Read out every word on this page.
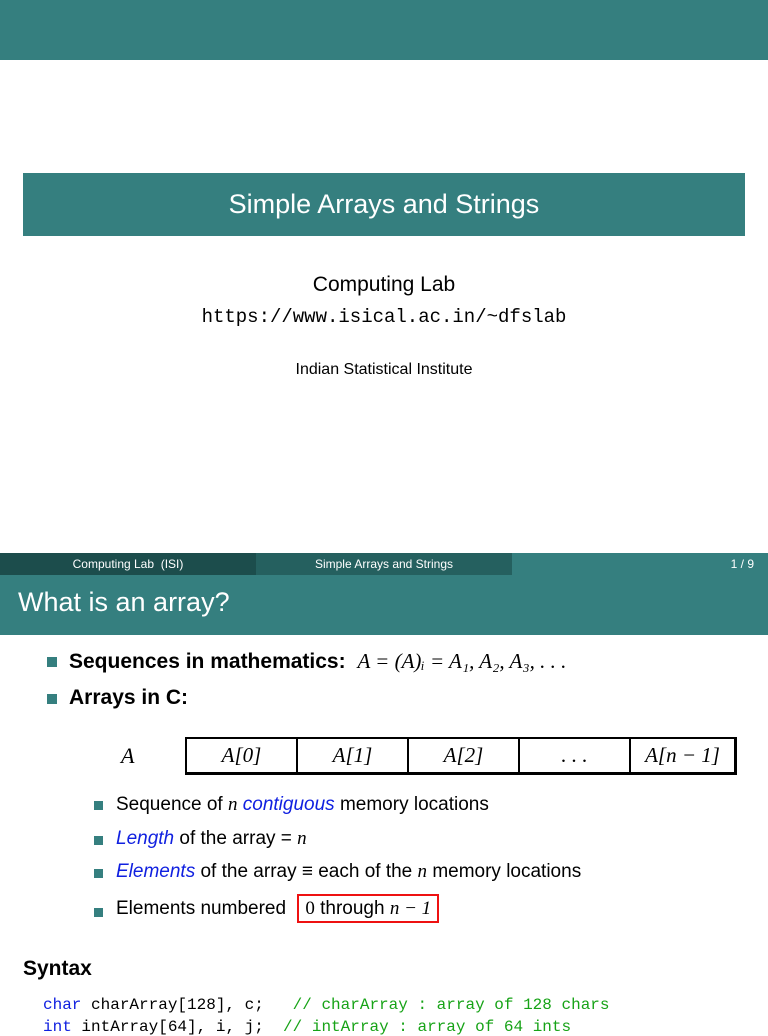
Simple Arrays and Strings
Computing Lab
https://www.isical.ac.in/~dfslab
Indian Statistical Institute
Computing Lab  (ISI)	Simple Arrays and Strings	1 / 9
What is an array?
Sequences in mathematics: A = (A)ᵢ = A₁, A₂, A₃, . . .
Arrays in C:
A	A[0]	A[1]	A[2]	. . .	A[n − 1]
Sequence of n contiguous memory locations
Length of the array = n
Elements of the array ≡ each of the n memory locations
Elements numbered 0 through n − 1
Syntax
char charArray[128], c;   // charArray : array of 128 chars
int intArray[64], i, j;  // intArray : array of 64 ints
